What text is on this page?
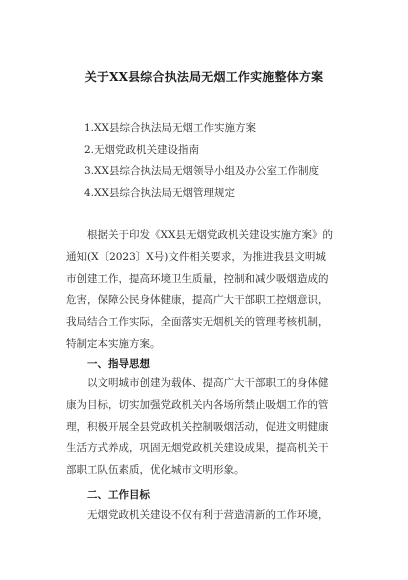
关于XX县综合执法局无烟工作实施整体方案
1.XX县综合执法局无烟工作实施方案
2.无烟党政机关建设指南
3.XX县综合执法局无烟领导小组及办公室工作制度
4.XX县综合执法局无烟管理规定
根据关于印发《XX县无烟党政机关建设实施方案》的
通知(X〔2023〕X号)文件相关要求，为推进我县文明城
市创建工作，提高环境卫生质量，控制和减少吸烟造成的
危害，保障公民身体健康，提高广大干部职工控烟意识，
我局结合工作实际，全面落实无烟机关的管理考核机制，
特制定本实施方案。
一、指导思想
以文明城市创建为载体、提高广大干部职工的身体健
康为目标，切实加强党政机关内各场所禁止吸烟工作的管
理，积极开展全县党政机关控制吸烟活动，促进文明健康
生活方式养成，巩固无烟党政机关建设成果，提高机关干
部职工队伍素质，优化城市文明形象。
二、工作目标
无烟党政机关建设不仅有利于营造清新的工作环境，
